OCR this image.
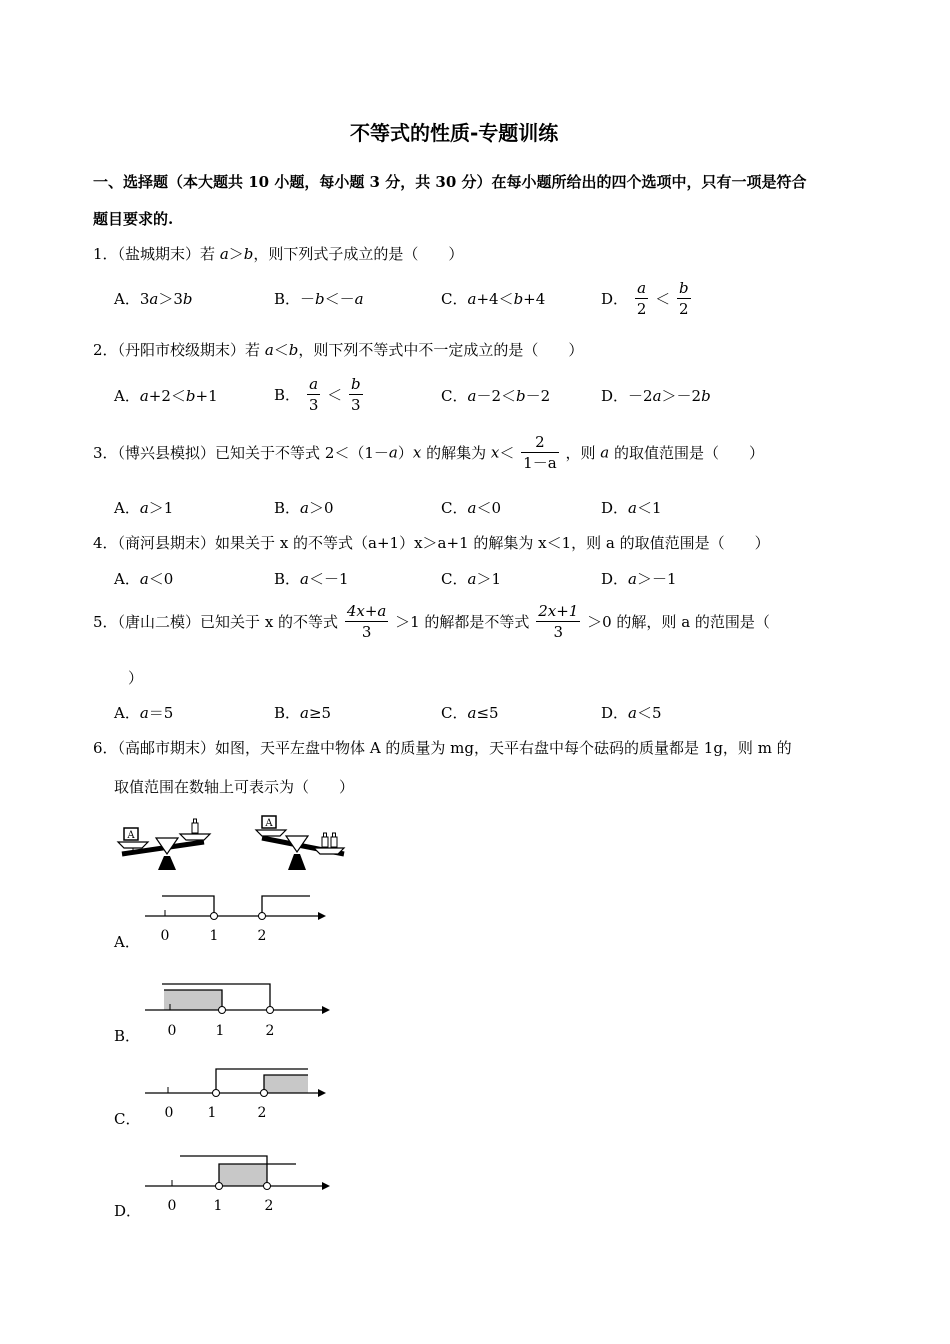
不等式的性质-专题训练
一、选择题（本大题共 10 小题，每小题 3 分，共 30 分）在每小题所给出的四个选项中，只有一项是符合
题目要求的.
1．（盐城期末）若 a＞b，则下列式子成立的是（　　）
A．3a＞3b	B．－b＜－a	C．a+4＜b+4	D． $\frac{a}{2} < \frac{b}{2}$
2．（丹阳市校级期末）若 a＜b，则下列不等式中不一定成立的是（　　）
A．a+2＜b+1	B． $\frac{a}{3} < \frac{b}{3}$	C．a－2＜b－2	D．－2a＞－2b
3．（博兴县模拟）已知关于不等式 2＜（1－a）x 的解集为 $x< \frac{2}{1-a}$ ，则 a 的取值范围是（　　）
A．a＞1	B．a＞0	C．a＜0	D．a＜1
4．（商河县期末）如果关于 x 的不等式（a+1）x＞a+1 的解集为 x＜1，则 a 的取值范围是（　　）
A．a＜0	B．a＜－1	C．a＞1	D．a＞－1
5．（唐山二模）已知关于 x 的不等式 $\frac{4x+a}{3} >1$ 的解都是不等式 $\frac{2x+1}{3} >0$ 的解，则 a 的范围是（
）
A．a＝5	B．a≥5	C．a≤5	D．a＜5
6．（高邮市期末）如图，天平左盘中物体 A 的质量为 mg，天平右盘中每个砝码的质量都是 1g，则 m 的
取值范围在数轴上可表示为（　　）
A
A
A． 0	1	2
B． 0	1	2
C． 0 1	2
D． 0	1	2
